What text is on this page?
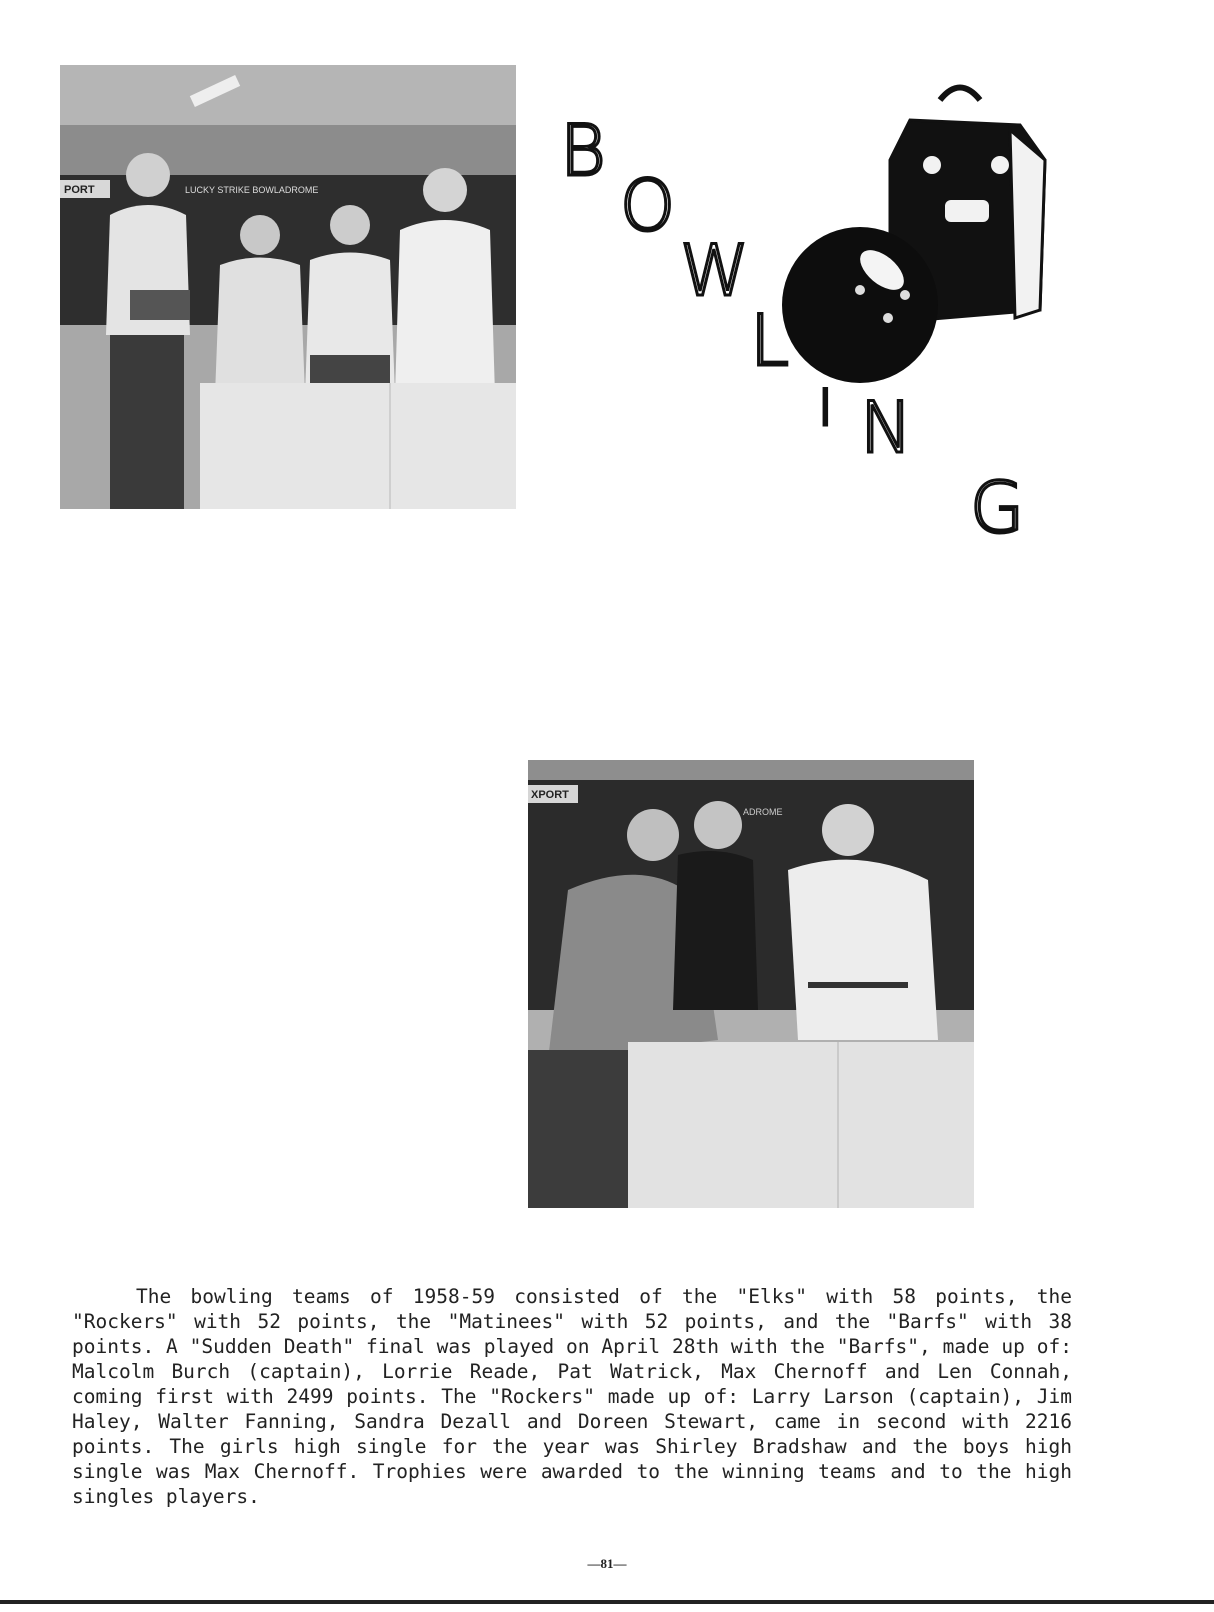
PORT	LUCKY STRIKE BOWLADROME	B
O
W
L
I N
G
XPORT
ADROME

The bowling teams of 1958-59 consisted of the "Elks" with 58 points, the "Rockers" with 52 points, the "Matinees" with 52 points, and the "Barfs" with 38 points. A "Sudden Death" final was played on April 28th with the "Barfs", made up of: Malcolm Burch (captain), Lorrie Reade, Pat Watrick, Max Chernoff and Len Connah, coming first with 2499 points. The "Rockers" made up of: Larry Larson (captain), Jim Haley, Walter Fanning, Sandra Dezall and Doreen Stewart, came in second with 2216 points. The girls high single for the year was Shirley Bradshaw and the boys high single was Max Chernoff. Trophies were awarded to the winning teams and to the high singles players.

—81—
